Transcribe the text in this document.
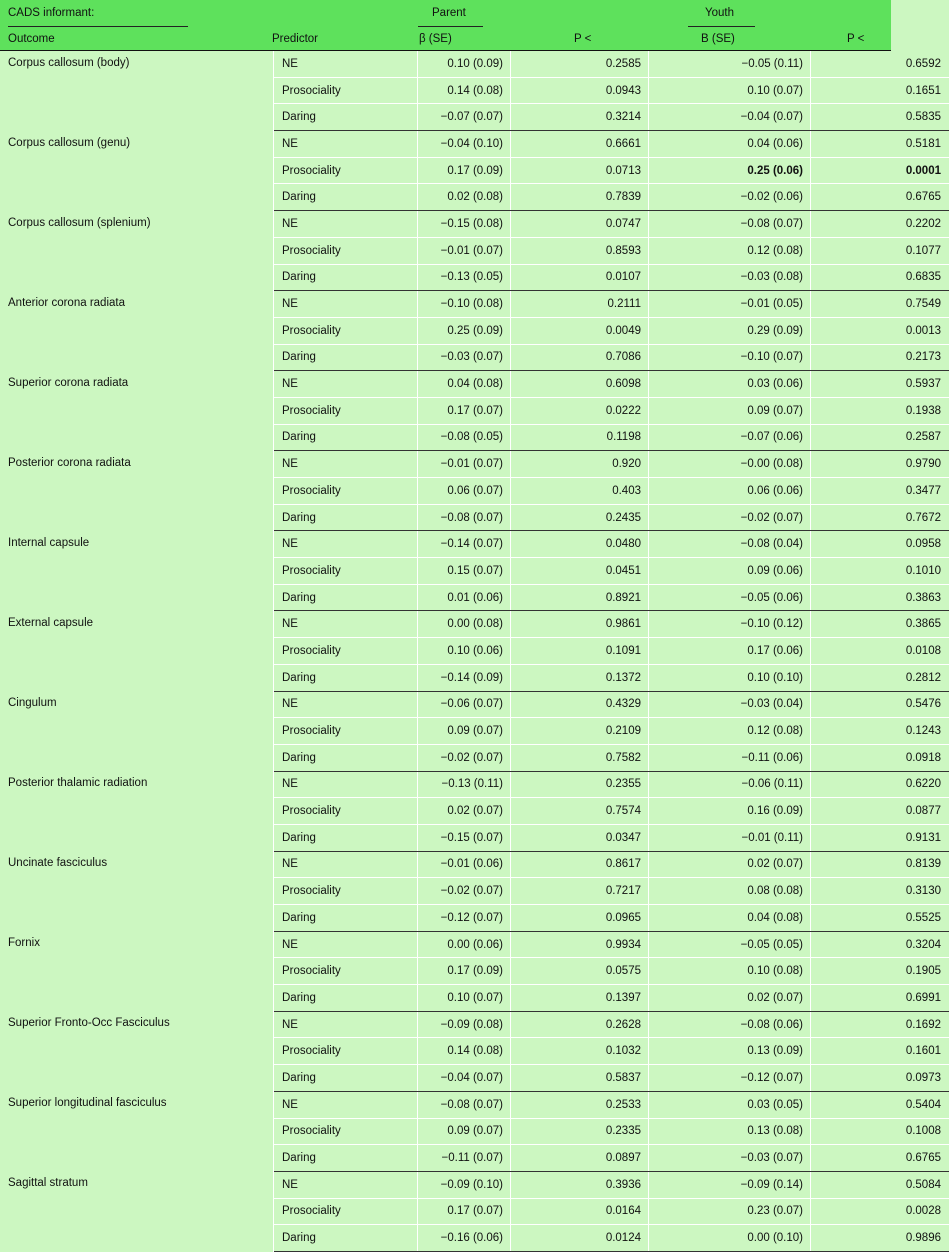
CADS informant:	Parent	Youth
Outcome	Predictor	β (SE)	P <	B (SE)	P <
Corpus callosum (body)	NE	0.10 (0.09)	0.2585	−0.05 (0.11)	0.6592
	Prosociality	0.14 (0.08)	0.0943	0.10 (0.07)	0.1651
	Daring	−0.07 (0.07)	0.3214	−0.04 (0.07)	0.5835
Corpus callosum (genu)	NE	−0.04 (0.10)	0.6661	0.04 (0.06)	0.5181
	Prosociality	0.17 (0.09)	0.0713	0.25 (0.06)	0.0001
	Daring	0.02 (0.08)	0.7839	−0.02 (0.06)	0.6765
Corpus callosum (splenium)	NE	−0.15 (0.08)	0.0747	−0.08 (0.07)	0.2202
	Prosociality	−0.01 (0.07)	0.8593	0.12 (0.08)	0.1077
	Daring	−0.13 (0.05)	0.0107	−0.03 (0.08)	0.6835
Anterior corona radiata	NE	−0.10 (0.08)	0.2111	−0.01 (0.05)	0.7549
	Prosociality	0.25 (0.09)	0.0049	0.29 (0.09)	0.0013
	Daring	−0.03 (0.07)	0.7086	−0.10 (0.07)	0.2173
Superior corona radiata	NE	0.04 (0.08)	0.6098	0.03 (0.06)	0.5937
	Prosociality	0.17 (0.07)	0.0222	0.09 (0.07)	0.1938
	Daring	−0.08 (0.05)	0.1198	−0.07 (0.06)	0.2587
Posterior corona radiata	NE	−0.01 (0.07)	0.920	−0.00 (0.08)	0.9790
	Prosociality	0.06 (0.07)	0.403	0.06 (0.06)	0.3477
	Daring	−0.08 (0.07)	0.2435	−0.02 (0.07)	0.7672
Internal capsule	NE	−0.14 (0.07)	0.0480	−0.08 (0.04)	0.0958
	Prosociality	0.15 (0.07)	0.0451	0.09 (0.06)	0.1010
	Daring	0.01 (0.06)	0.8921	−0.05 (0.06)	0.3863
External capsule	NE	0.00 (0.08)	0.9861	−0.10 (0.12)	0.3865
	Prosociality	0.10 (0.06)	0.1091	0.17 (0.06)	0.0108
	Daring	−0.14 (0.09)	0.1372	0.10 (0.10)	0.2812
Cingulum	NE	−0.06 (0.07)	0.4329	−0.03 (0.04)	0.5476
	Prosociality	0.09 (0.07)	0.2109	0.12 (0.08)	0.1243
	Daring	−0.02 (0.07)	0.7582	−0.11 (0.06)	0.0918
Posterior thalamic radiation	NE	−0.13 (0.11)	0.2355	−0.06 (0.11)	0.6220
	Prosociality	0.02 (0.07)	0.7574	0.16 (0.09)	0.0877
	Daring	−0.15 (0.07)	0.0347	−0.01 (0.11)	0.9131
Uncinate fasciculus	NE	−0.01 (0.06)	0.8617	0.02 (0.07)	0.8139
	Prosociality	−0.02 (0.07)	0.7217	0.08 (0.08)	0.3130
	Daring	−0.12 (0.07)	0.0965	0.04 (0.08)	0.5525
Fornix	NE	0.00 (0.06)	0.9934	−0.05 (0.05)	0.3204
	Prosociality	0.17 (0.09)	0.0575	0.10 (0.08)	0.1905
	Daring	0.10 (0.07)	0.1397	0.02 (0.07)	0.6991
Superior Fronto-Occ Fasciculus	NE	−0.09 (0.08)	0.2628	−0.08 (0.06)	0.1692
	Prosociality	0.14 (0.08)	0.1032	0.13 (0.09)	0.1601
	Daring	−0.04 (0.07)	0.5837	−0.12 (0.07)	0.0973
Superior longitudinal fasciculus	NE	−0.08 (0.07)	0.2533	0.03 (0.05)	0.5404
	Prosociality	0.09 (0.07)	0.2335	0.13 (0.08)	0.1008
	Daring	−0.11 (0.07)	0.0897	−0.03 (0.07)	0.6765
Sagittal stratum	NE	−0.09 (0.10)	0.3936	−0.09 (0.14)	0.5084
	Prosociality	0.17 (0.07)	0.0164	0.23 (0.07)	0.0028
	Daring	−0.16 (0.06)	0.0124	0.00 (0.10)	0.9896
